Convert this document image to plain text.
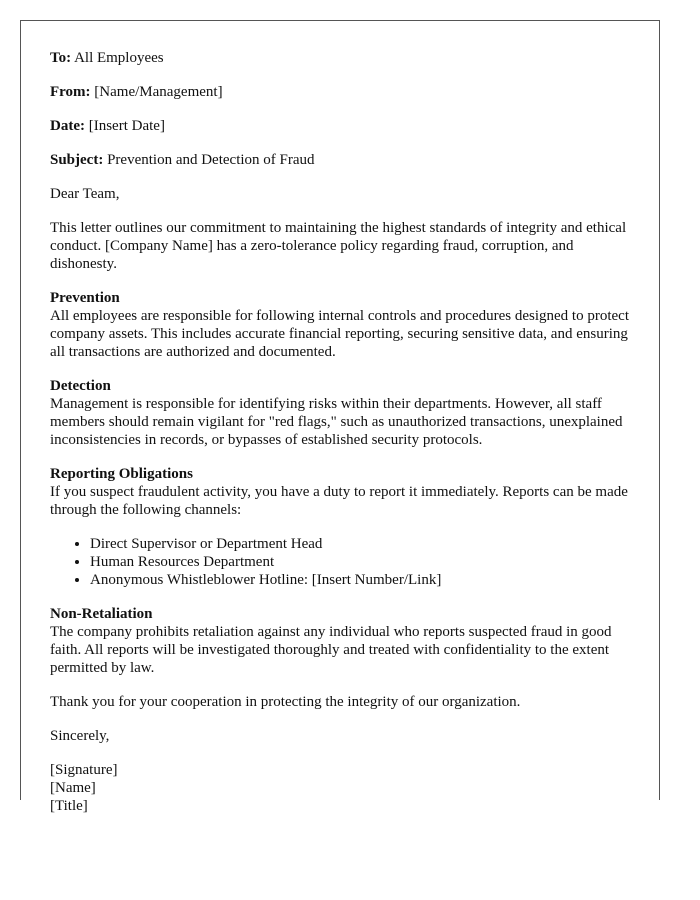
To: All Employees

From: [Name/Management]

Date: [Insert Date]

Subject: Prevention and Detection of Fraud

Dear Team,

This letter outlines our commitment to maintaining the highest standards of integrity and ethical conduct. [Company Name] has a zero-tolerance policy regarding fraud, corruption, and dishonesty.

Prevention
All employees are responsible for following internal controls and procedures designed to protect company assets. This includes accurate financial reporting, securing sensitive data, and ensuring all transactions are authorized and documented.

Detection
Management is responsible for identifying risks within their departments. However, all staff members should remain vigilant for "red flags," such as unauthorized transactions, unexplained inconsistencies in records, or bypasses of established security protocols.

Reporting Obligations
If you suspect fraudulent activity, you have a duty to report it immediately. Reports can be made through the following channels:

• Direct Supervisor or Department Head
• Human Resources Department
• Anonymous Whistleblower Hotline: [Insert Number/Link]

Non-Retaliation
The company prohibits retaliation against any individual who reports suspected fraud in good faith. All reports will be investigated thoroughly and treated with confidentiality to the extent permitted by law.

Thank you for your cooperation in protecting the integrity of our organization.

Sincerely,

[Signature]

[Name]

[Title]
